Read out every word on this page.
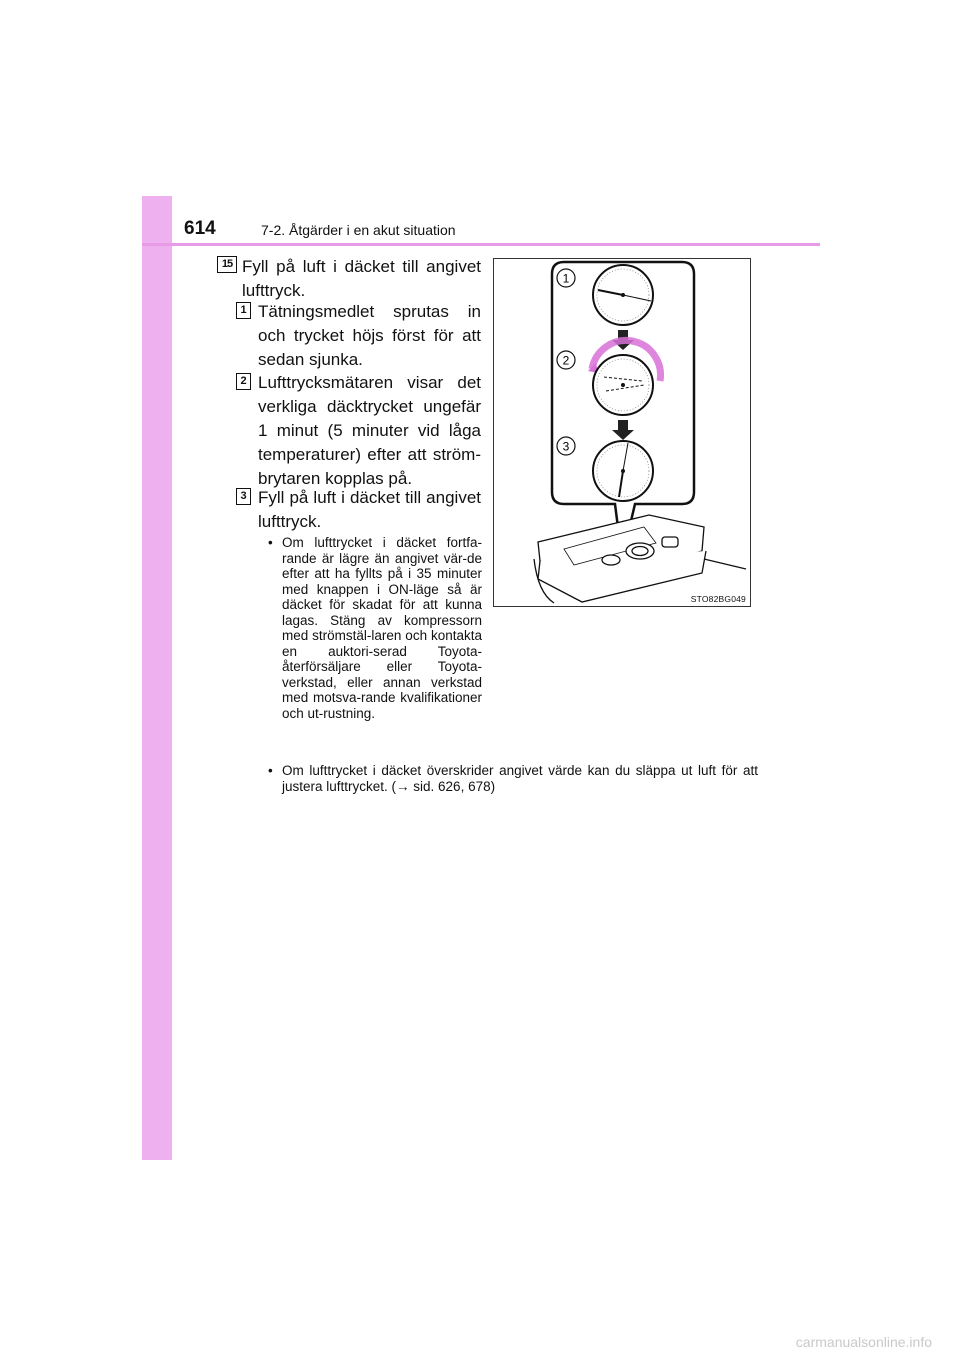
614	7-2. Åtgärder i en akut situation
15 Fyll på luft i däcket till angivet lufttryck.
1 Tätningsmedlet sprutas in och trycket höjs först för att sedan sjunka.
2 Lufttrycksmätaren visar det verkliga däcktrycket ungefär 1 minut (5 minuter vid låga temperaturer) efter att ström-brytaren kopplas på.
3 Fyll på luft i däcket till angivet lufttryck.
• Om lufttrycket i däcket fortfa-rande är lägre än angivet vär-de efter att ha fyllts på i 35 minuter med knappen i ON-läge så är däcket för skadat för att kunna lagas. Stäng av kompressorn med strömstäl-laren och kontakta en auktori-serad Toyota-återförsäljare eller Toyota-verkstad, eller annan verkstad med motsva-rande kvalifikationer och ut-rustning.
• Om lufttrycket i däcket överskrider angivet värde kan du släppa ut luft för att justera lufttrycket. (→ sid. 626, 678)
1
2
3
STO82BG049
carmanualsonline.info
